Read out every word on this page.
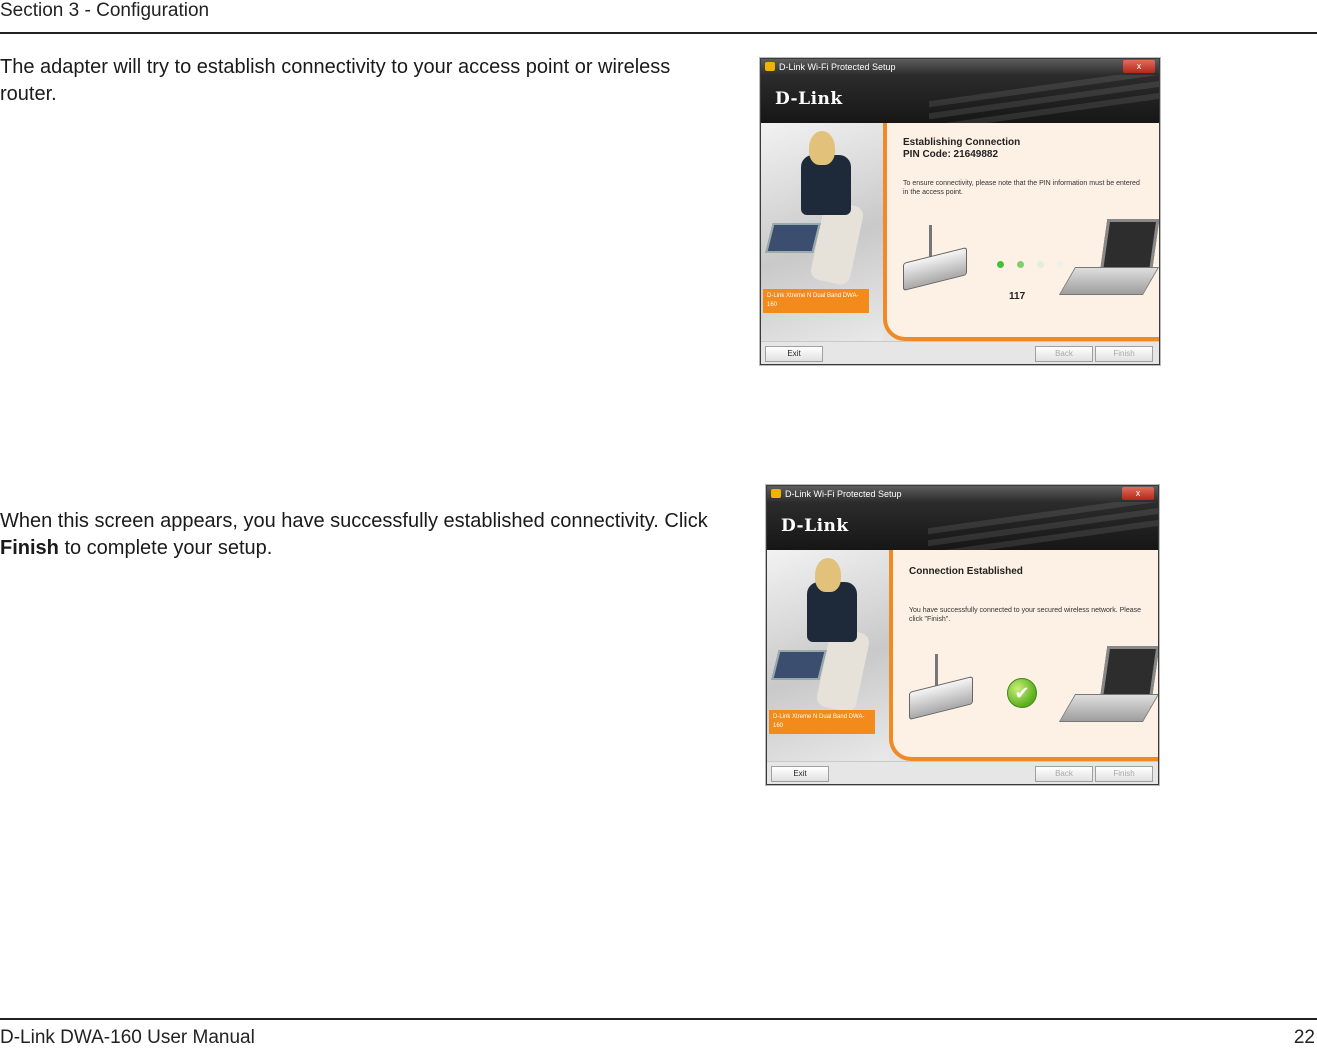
Section 3 - Configuration

The adapter will try to establish connectivity to your access point or wireless router.

When this screen appears, you have successfully established connectivity. Click Finish to complete your setup.

D-Link Wi-Fi Protected Setup	x
D-Link
D-Link Xtreme N Dual Band DWA-160
Establishing Connection
PIN Code: 21649882
To ensure connectivity, please note that the PIN information must be entered in the access point.
117
Exit	Back	Finish
D-Link Wi-Fi Protected Setup	x
D-Link
D-Link Xtreme N Dual Band DWA-160
Connection Established
You have successfully connected to your secured wireless network. Please click "Finish".
✔
Exit	Back	Finish
D-Link DWA-160 User Manual	22
